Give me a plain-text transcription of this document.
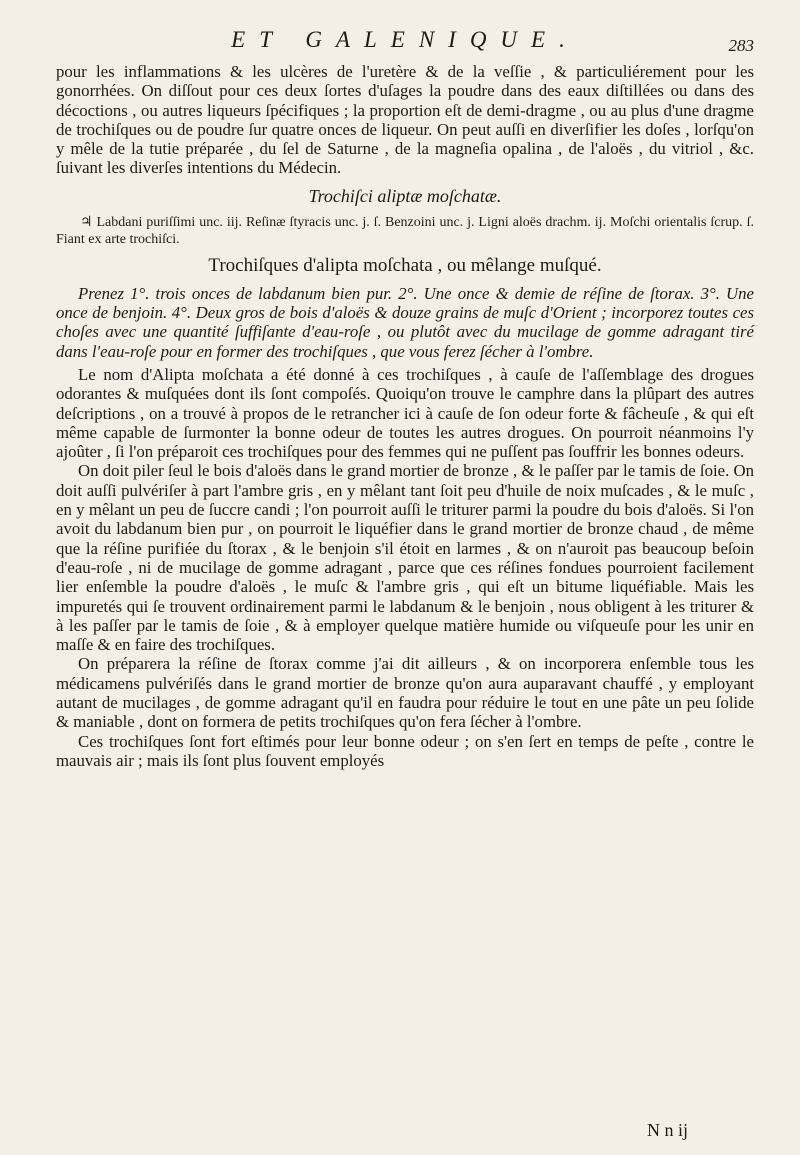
ET GALENIQUE.	283

pour les inflammations & les ulcères de l'uretère & de la veſſie , & particuliérement pour les gonorrhées. On diſſout pour ces deux ſortes d'uſages la poudre dans des eaux diſtillées ou dans des décoctions , ou autres liqueurs ſpécifiques ; la proportion eſt de demi-dragme , ou au plus d'une dragme de trochiſques ou de poudre ſur quatre onces de liqueur. On peut auſſi en diverſifier les doſes , lorſqu'on y mêle de la tutie préparée , du ſel de Saturne , de la magneſia opalina , de l'aloës , du vitriol , &c. ſuivant les diverſes intentions du Médecin.

Trochiſci aliptæ moſchatæ.

♃ Labdani puriſſimi unc. iij. Reſinæ ſtyracis unc. j. ſ. Benzoini unc. j. Ligni aloës drachm. ij. Moſchi orientalis ſcrup. ſ. Fiant ex arte trochiſci.

Trochiſques d'alipta moſchata , ou mêlange muſqué.

Prenez 1°. trois onces de labdanum bien pur. 2°. Une once & demie de réſine de ſtorax. 3°. Une once de benjoin. 4°. Deux gros de bois d'aloës & douze grains de muſc d'Orient ; incorporez toutes ces choſes avec une quantité ſuffiſante d'eau-roſe , ou plutôt avec du mucilage de gomme adragant tiré dans l'eau-roſe pour en former des trochiſques , que vous ferez ſécher à l'ombre.

Le nom d'Alipta moſchata a été donné à ces trochiſques , à cauſe de l'aſſemblage des drogues odorantes & muſquées dont ils ſont compoſés. Quoiqu'on trouve le camphre dans la plûpart des autres deſcriptions , on a trouvé à propos de le retrancher ici à cauſe de ſon odeur forte & fâcheuſe , & qui eſt même capable de ſurmonter la bonne odeur de toutes les autres drogues. On pourroit néanmoins l'y ajoûter , ſi l'on préparoit ces trochiſques pour des femmes qui ne puſſent pas ſouffrir les bonnes odeurs.

On doit piler ſeul le bois d'aloës dans le grand mortier de bronze , & le paſſer par le tamis de ſoie. On doit auſſi pulvériſer à part l'ambre gris , en y mêlant tant ſoit peu d'huile de noix muſcades , & le muſc , en y mêlant un peu de ſuccre candi ; l'on pourroit auſſi le triturer parmi la poudre du bois d'aloës. Si l'on avoit du labdanum bien pur , on pourroit le liquéfier dans le grand mortier de bronze chaud , de même que la réſine purifiée du ſtorax , & le benjoin s'il étoit en larmes , & on n'auroit pas beaucoup beſoin d'eau-roſe , ni de mucilage de gomme adragant , parce que ces réſines fondues pourroient facilement lier enſemble la poudre d'aloës , le muſc & l'ambre gris , qui eſt un bitume liquéfiable. Mais les impuretés qui ſe trouvent ordinairement parmi le labdanum & le benjoin , nous obligent à les triturer & à les paſſer par le tamis de ſoie , & à employer quelque matière humide ou viſqueuſe pour les unir en maſſe & en faire des trochiſques.

On préparera la réſine de ſtorax comme j'ai dit ailleurs , & on incorporera enſemble tous les médicamens pulvériſés dans le grand mortier de bronze qu'on aura auparavant chauffé , y employant autant de mucilages , de gomme adragant qu'il en faudra pour réduire le tout en une pâte un peu ſolide & maniable , dont on formera de petits trochiſques qu'on fera ſécher à l'ombre.

Ces trochiſques ſont fort eſtimés pour leur bonne odeur ; on s'en ſert en temps de peſte , contre le mauvais air ; mais ils ſont plus ſouvent employés

N n ij
